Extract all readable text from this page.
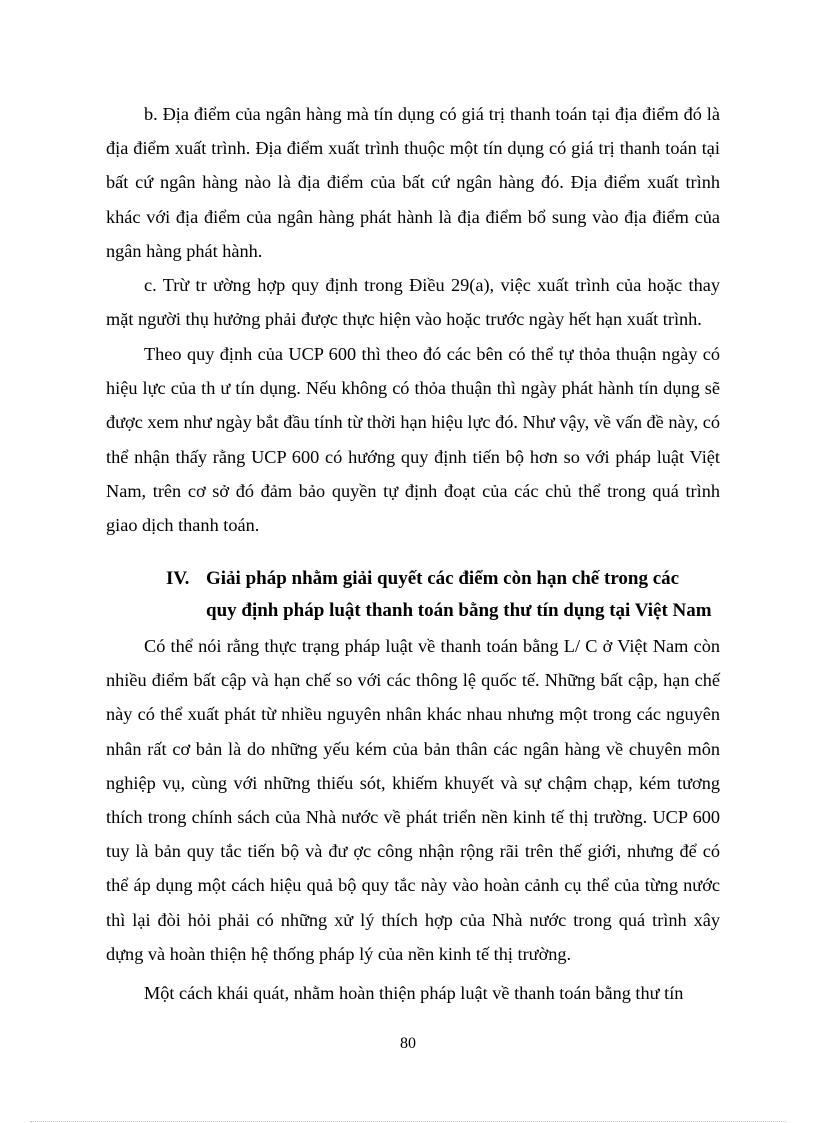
b. Địa điểm của ngân hàng mà tín dụng có giá trị thanh toán tại địa điểm đó là địa điểm xuất trình. Địa điểm xuất trình thuộc một tín dụng có giá trị thanh toán tại bất cứ ngân hàng nào là địa điểm của bất cứ ngân hàng đó. Địa điểm xuất trình khác với địa điểm của ngân hàng phát hành là địa điểm bổ sung vào địa điểm của ngân hàng phát hành.

c. Trừ tr ường hợp quy định trong Điều 29(a), việc xuất trình của hoặc thay mặt người thụ hưởng phải được thực hiện vào hoặc trước ngày hết hạn xuất trình.

Theo quy định của UCP 600 thì theo đó các bên có thể tự thỏa thuận ngày có hiệu lực của th ư tín dụng. Nếu không có thỏa thuận thì ngày phát hành tín dụng sẽ được xem như ngày bắt đầu tính từ thời hạn hiệu lực đó. Như vậy, về vấn đề này, có thể nhận thấy rằng UCP 600 có hướng quy định tiến bộ hơn so với pháp luật Việt Nam, trên cơ sở đó đảm bảo quyền tự định đoạt của các chủ thể trong quá trình giao dịch thanh toán.

IV. Giải pháp nhằm giải quyết các điểm còn hạn chế trong các
quy định pháp luật thanh toán bằng thư tín dụng tại Việt Nam

Có thể nói rằng thực trạng pháp luật về thanh toán bằng L/ C ở Việt Nam còn nhiều điểm bất cập và hạn chế so với các thông lệ quốc tế. Những bất cập, hạn chế này có thể xuất phát từ nhiều nguyên nhân khác nhau nhưng một trong các nguyên nhân rất cơ bản là do những yếu kém của bản thân các ngân hàng về chuyên môn nghiệp vụ, cùng với những thiếu sót, khiếm khuyết và sự chậm chạp, kém tương thích trong chính sách của Nhà nước về phát triển nền kinh tế thị trường. UCP 600 tuy là bản quy tắc tiến bộ và đư ợc công nhận rộng rãi trên thế giới, nhưng để có thể áp dụng một cách hiệu quả bộ quy tắc này vào hoàn cảnh cụ thể của từng nước thì lại đòi hỏi phải có những xử lý thích hợp của Nhà nước trong quá trình xây dựng và hoàn thiện hệ thống pháp lý của nền kinh tế thị trường.

Một cách khái quát, nhằm hoàn thiện pháp luật về thanh toán bằng thư tín

80
